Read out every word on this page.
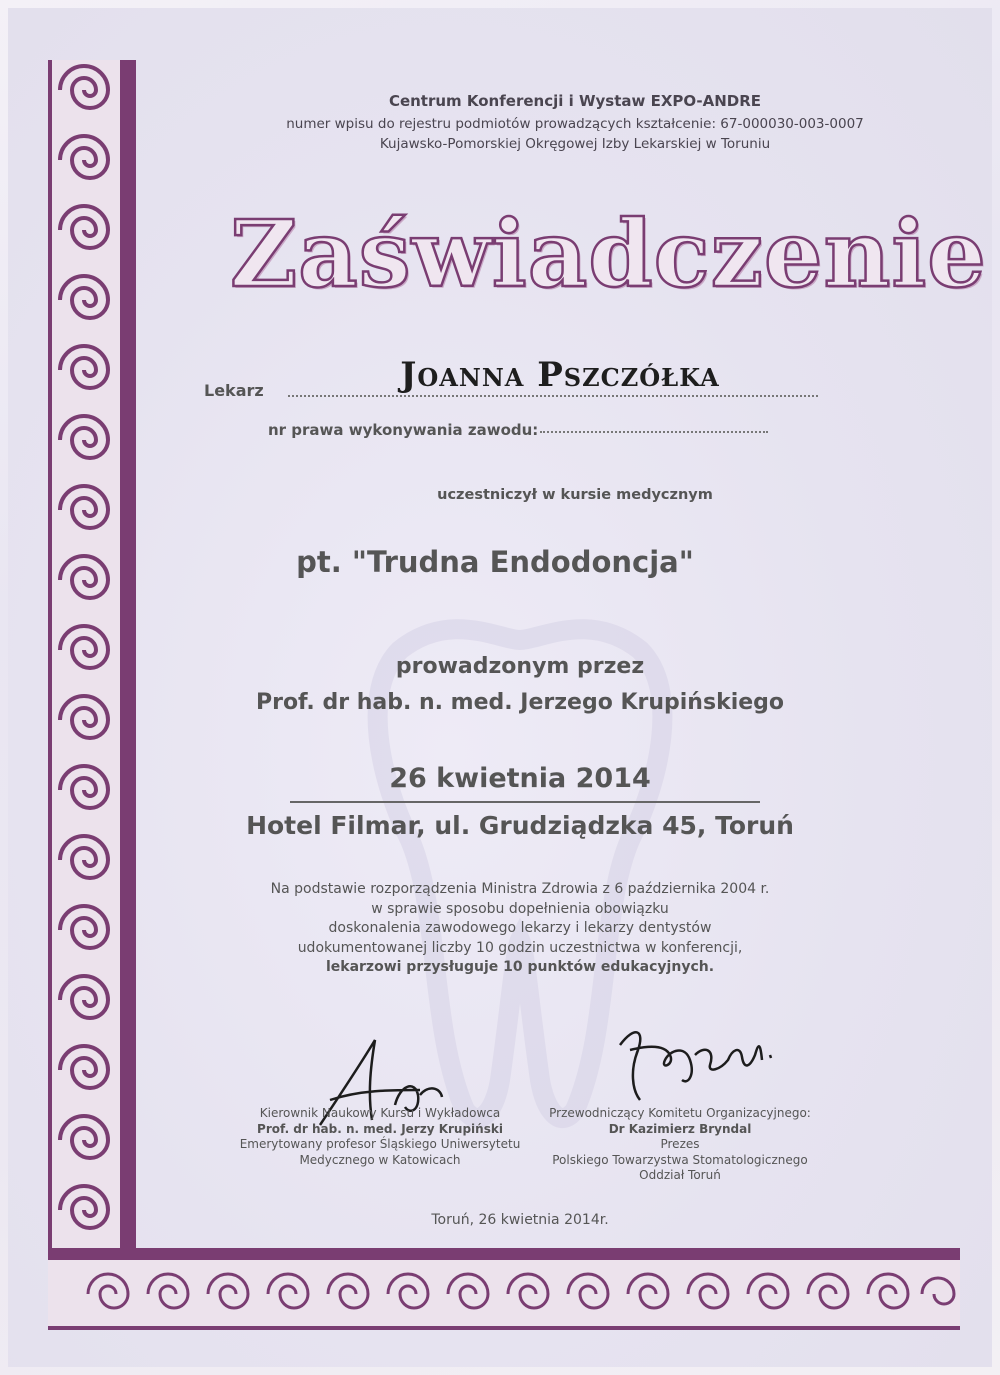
Centrum Konferencji i Wystaw EXPO-ANDRE
numer wpisu do rejestru podmiotów prowadzących kształcenie: 67-000030-003-0007
Kujawsko-Pomorskiej Okręgowej Izby Lekarskiej w Toruniu
Zaświadczenie
Lekarz	Joanna Pszczółka
nr prawa wykonywania zawodu:
uczestniczył w kursie medycznym
pt. "Trudna Endodoncja"
prowadzonym przez
Prof. dr hab. n. med. Jerzego Krupińskiego
26 kwietnia 2014
Hotel Filmar, ul. Grudziądzka 45, Toruń
Na podstawie rozporządzenia Ministra Zdrowia z 6 października 2004 r.
w sprawie sposobu dopełnienia obowiązku
doskonalenia zawodowego lekarzy i lekarzy dentystów
udokumentowanej liczby 10 godzin uczestnictwa w konferencji,
lekarzowi przysługuje 10 punktów edukacyjnych.
Kierownik Naukowy Kursu i Wykładowca
Prof. dr hab. n. med. Jerzy Krupiński
Emerytowany profesor Śląskiego Uniwersytetu
Medycznego w Katowicach
Przewodniczący Komitetu Organizacyjnego:
Dr Kazimierz Bryndal
Prezes
Polskiego Towarzystwa Stomatologicznego
Oddział Toruń
Toruń, 26 kwietnia 2014r.
